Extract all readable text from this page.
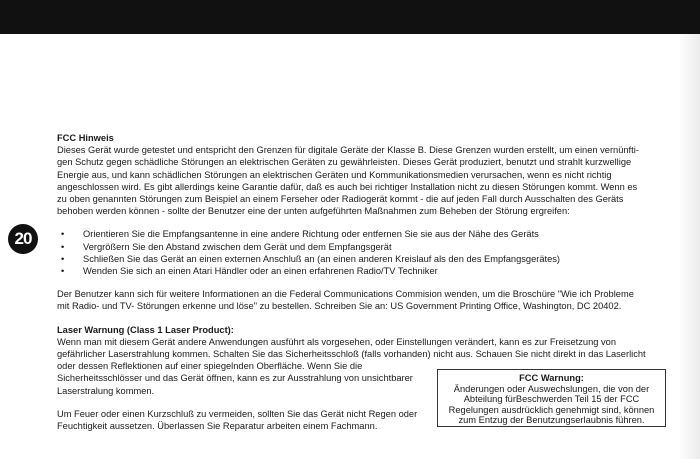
20

FCC Hinweis

Dieses Gerät wurde getestet und entspricht den Grenzen für digitale Geräte der Klasse B. Diese Grenzen wurden erstellt, um einen vernünfti-
gen Schutz gegen schädliche Störungen an elektrischen Geräten zu gewährleisten. Dieses Gerät produziert, benutzt und strahlt kurzwellige
Energie aus, und kann schädlichen Störungen an elektrischen Geräten und Kommunikationsmedien verursachen, wenn es nicht richtig
angeschlossen wird. Es gibt allerdings keine Garantie dafür, daß es auch bei richtiger Installation nicht zu diesen Störungen kommt. Wenn es
zu oben genannten Störungen zum Beispiel an einem Ferseher oder Radiogerät kommt - die auf jeden Fall durch Ausschalten des Geräts
behoben werden können - sollte der Benutzer eine der unten aufgeführten Maßnahmen zum Beheben der Störung ergreifen:
• Orientieren Sie die Empfangsantenne in eine andere Richtung oder entfernen Sie sie aus der Nähe des Geräts
• Vergrößern Sie den Abstand zwischen dem Gerät und dem Empfangsgerät
• Schließen Sie das Gerät an einen externen Anschluß an (an einen anderen Kreislauf als den des Empfangsgerätes)
• Wenden Sie sich an einen Atari Händler oder an einen erfahrenen Radio/TV Techniker
Der Benutzer kann sich für weitere Informationen an die Federal Communications Commision wenden, um die Broschüre "Wie ich Probleme
mit Radio- und TV- Störungen erkenne und löse" zu bestellen. Schreiben Sie an: US Government Printing Office, Washington, DC 20402.

Laser Warnung (Class 1 Laser Product):

Wenn man mit diesem Gerät andere Anwendungen ausführt als vorgesehen, oder Einstellungen verändert, kann es zur Freisetzung von
gefährlicher Laserstrahlung kommen. Schalten Sie das Sicherheitsschloß (falls vorhanden) nicht aus. Schauen Sie nicht direkt in das Laserlicht
oder dessen Reflektionen auf einer spiegelnden Oberfläche. Wenn Sie die
Sicherheitsschlösser und das Gerät öffnen, kann es zur Ausstrahlung von unsichtbarer
Laserstralung kommen.
Um Feuer oder einen Kurzschluß zu vermeiden, sollten Sie das Gerät nicht Regen oder
Feuchtigkeit aussetzen. Überlassen Sie Reparatur arbeiten einem Fachmann.
FCC Warnung:
Änderungen oder Auswechslungen, die von der
Abteilung fürBeschwerden Teil 15 der FCC
Regelungen ausdrücklich genehmigt sind, können
zum Entzug der Benutzungserlaubnis führen.
